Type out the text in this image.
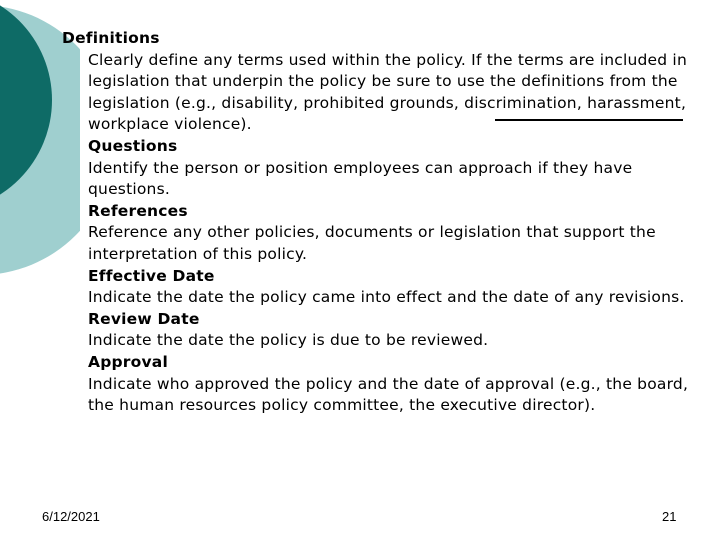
Definitions
Clearly define any terms used within the policy. If the terms are included in legislation that underpin the policy be sure to use the definitions from the legislation (e.g., disability, prohibited grounds, discrimination, harassment, workplace violence).
Questions
Identify the person or position employees can approach if they have questions.
References
Reference any other policies, documents or legislation that support the interpretation of this policy.
Effective Date
Indicate the date the policy came into effect and the date of any revisions.
Review Date
Indicate the date the policy is due to be reviewed.
Approval
Indicate who approved the policy and the date of approval (e.g., the board, the human resources policy committee, the executive director).
6/12/2021	21
